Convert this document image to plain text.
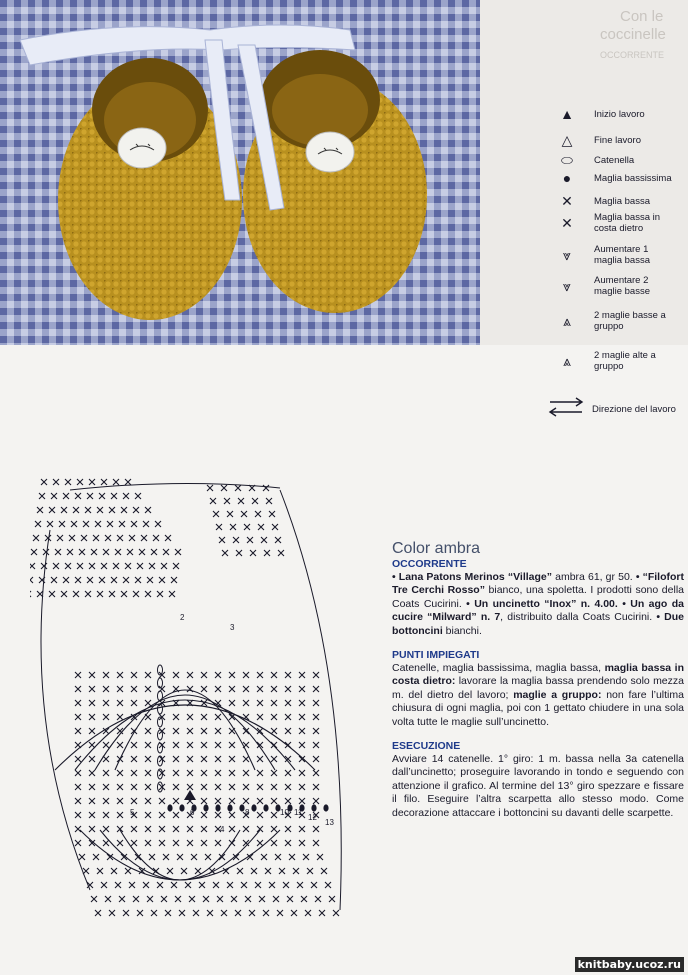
Con le
coccinelle
OCCORRENTE
▲	Inizio lavoro
△	Fine lavoro
⬭	Catenella
●	Maglia bassissima
✕	Maglia bassa
✕	Maglia bassa in costa dietro
⩔	Aumentare 1 maglia bassa
⩔	Aumentare 2 maglie basse
⩓	2 maglie basse a gruppo
⩓	2 maglie alte a gruppo
Direzione del lavoro
5	6
4
8	10 11
12
13
2
3
Color ambra
OCCORRENTE

• Lana Patons Merinos “Village” ambra 61, gr 50. • “Filofort Tre Cerchi Rosso” bianco, una spoletta. I prodotti sono della Coats Cucirini. • Un uncinetto “Inox” n. 4.00. • Un ago da cucire “Milward” n. 7, distribuito dalla Coats Cucirini. • Due bottoncini bianchi.

PUNTI IMPIEGATI

Catenelle, maglia bassissima, maglia bassa, maglia bassa in costa dietro: lavorare la maglia bassa prendendo solo mezza m. del dietro del lavoro; maglie a gruppo: non fare l’ultima chiusura di ogni maglia, poi con 1 gettato chiudere in una sola volta tutte le maglie sull’uncinetto.

ESECUZIONE

Avviare 14 catenelle. 1° giro: 1 m. bassa nella 3a catenella dall’uncinetto; proseguire lavorando in tondo e seguendo con attenzione il grafico. Al termine del 13° giro spezzare e fissare il filo. Eseguire l’altra scarpetta allo stesso modo. Come decorazione attaccare i bottoncini su davanti delle scarpette.

knitbaby.ucoz.ru
